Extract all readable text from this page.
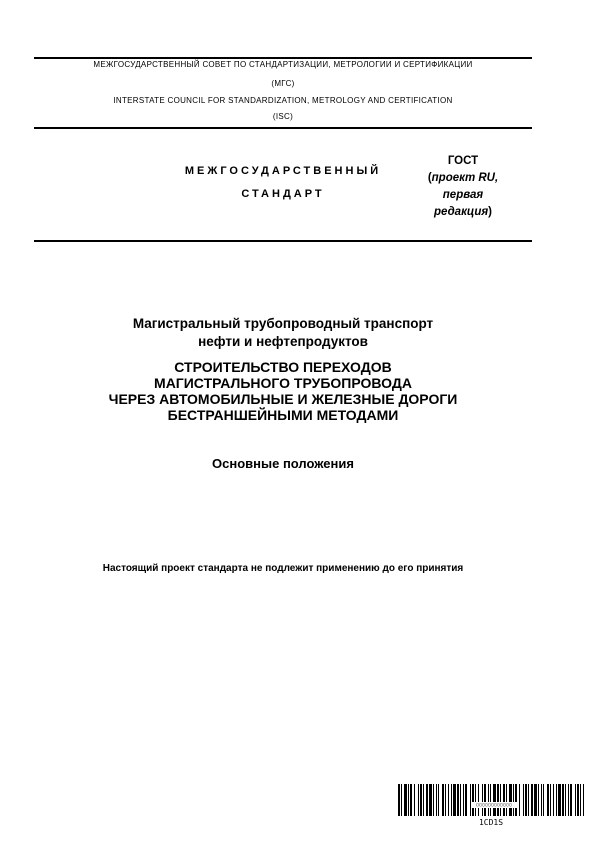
МЕЖГОСУДАРСТВЕННЫЙ СОВЕТ ПО СТАНДАРТИЗАЦИИ, МЕТРОЛОГИИ И СЕРТИФИКАЦИИ
(МГС)
INTERSTATE COUNCIL FOR STANDARDIZATION, METROLOGY AND CERTIFICATION
(ISC)
МЕЖГОСУДАРСТВЕННЫЙ
СТАНДАРТ
ГОСТ
(проект RU,
первая
редакция)
Магистральный трубопроводный транспорт
нефти и нефтепродуктов
СТРОИТЕЛЬСТВО ПЕРЕХОДОВ
МАГИСТРАЛЬНОГО ТРУБОПРОВОДА
ЧЕРЕЗ АВТОМОБИЛЬНЫЕ И ЖЕЛЕЗНЫЕ ДОРОГИ
БЕСТРАНШЕЙНЫМИ МЕТОДАМИ
Основные положения
Настоящий проект стандарта не подлежит применению до его принятия
▯▯▯▯▯▯▯▯▯▯▯▯
1CD1S
